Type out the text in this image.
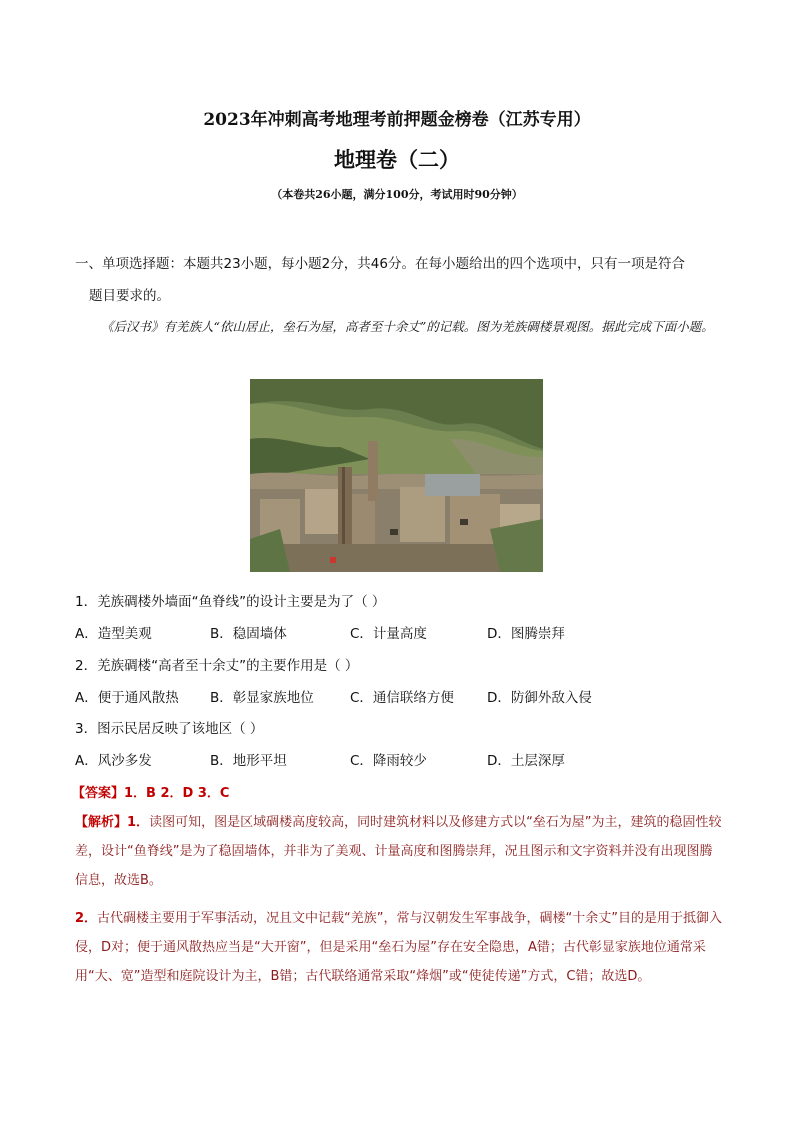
2023年冲刺高考地理考前押题金榜卷（江苏专用）
地理卷（二）
（本卷共26小题，满分100分，考试用时90分钟）
一、单项选择题：本题共23小题，每小题2分，共46分。在每小题给出的四个选项中，只有一项是符合
题目要求的。
《后汉书》有羌族人“依山居止，垒石为屋，高者至十余丈”的记载。图为羌族碉楼景观图。据此完成下面小题。
1．羌族碉楼外墙面“鱼脊线”的设计主要是为了（ ）
A．造型美观	B．稳固墙体	C．计量高度	D．图腾崇拜
2．羌族碉楼“高者至十余丈”的主要作用是（ ）
A．便于通风散热 B．彰显家族地位	C．通信联络方便 D．防御外敌入侵
3．图示民居反映了该地区（ ）
A．风沙多发	B．地形平坦	C．降雨较少	D．土层深厚
【答案】1．B 2．D 3．C
【解析】1．读图可知，图是区域碉楼高度较高，同时建筑材料以及修建方式以“垒石为屋”为主，建筑的稳固性较差，设计“鱼脊线”是为了稳固墙体，并非为了美观、计量高度和图腾崇拜，况且图示和文字资料并没有出现图腾信息，故选B。
2．古代碉楼主要用于军事活动，况且文中记载“羌族”，常与汉朝发生军事战争，碉楼“十余丈”目的是用于抵御入侵，D对；便于通风散热应当是“大开窗”，但是采用“垒石为屋”存在安全隐患，A错；古代彰显家族地位通常采用“大、宽”造型和庭院设计为主，B错；古代联络通常采取“烽烟”或“使徒传递”方式，C错；故选D。
